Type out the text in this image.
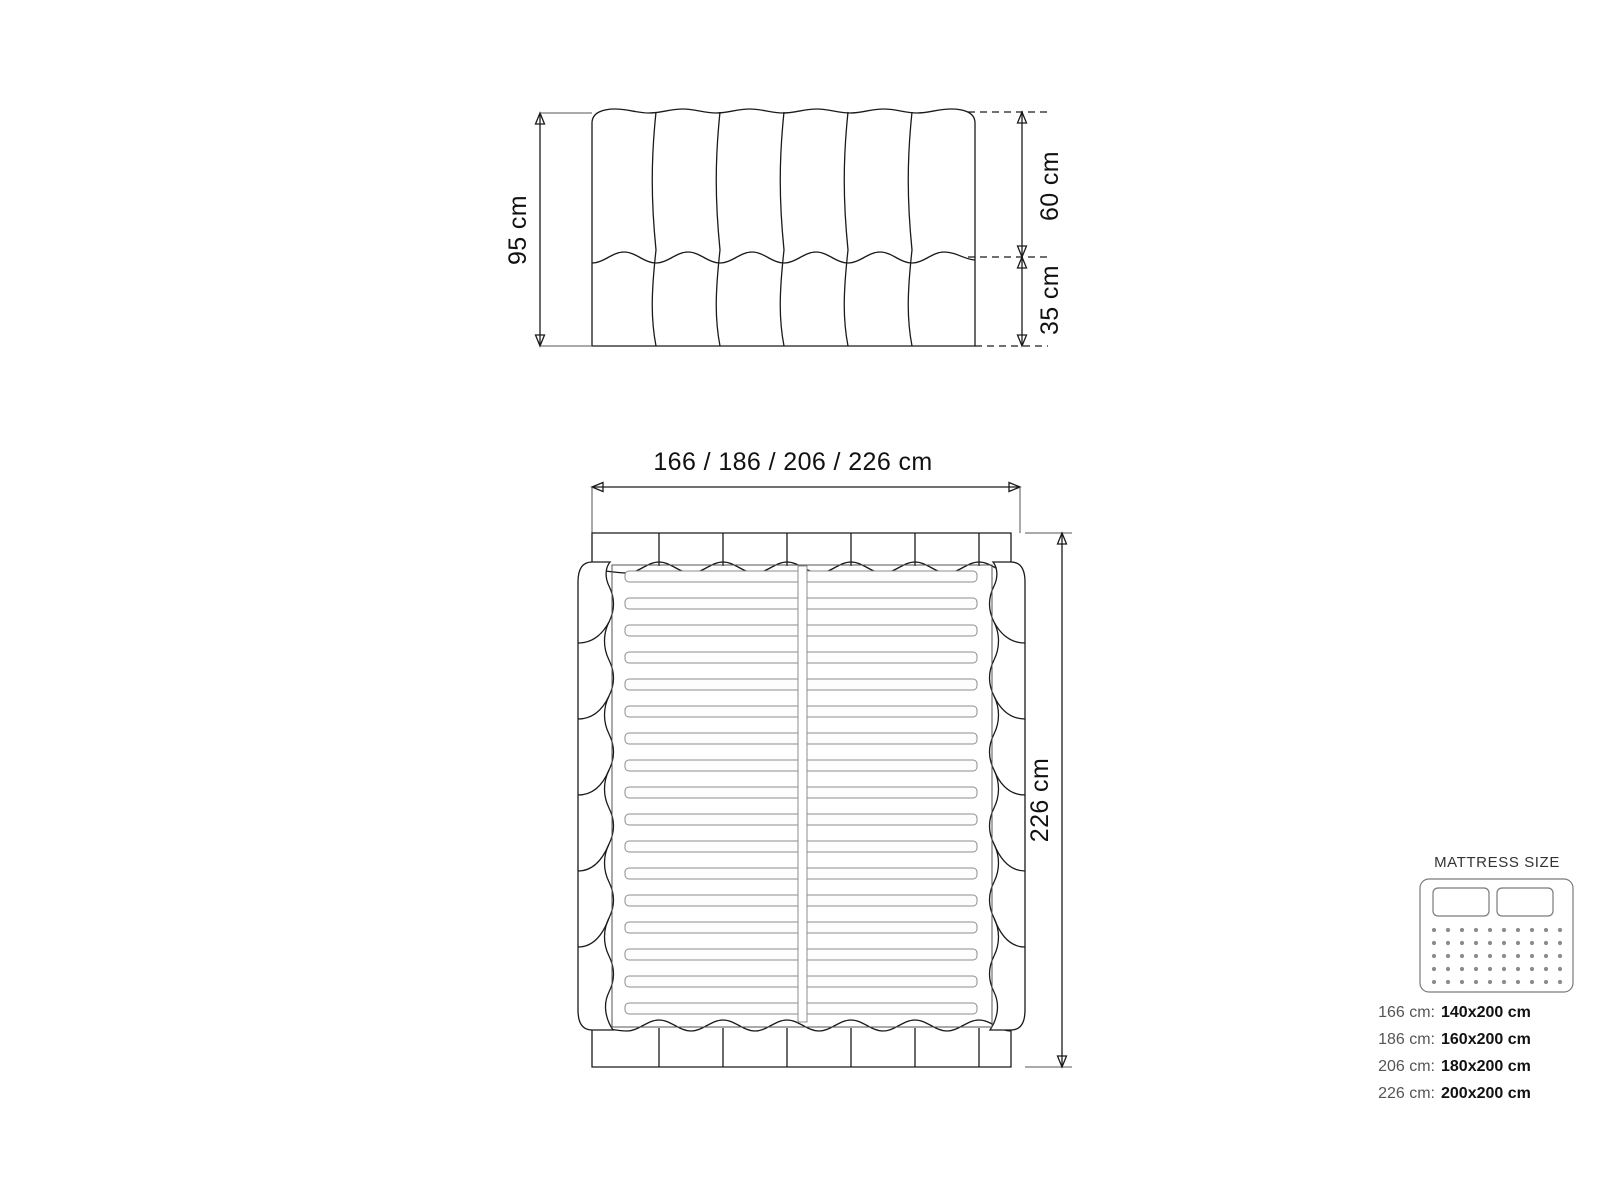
95 cm
60 cm
35 cm
166 / 186 / 206 / 226 cm
226 cm
MATTRESS SIZE
166 cm: 140x200 cm
186 cm: 160x200 cm
206 cm: 180x200 cm
226 cm: 200x200 cm
